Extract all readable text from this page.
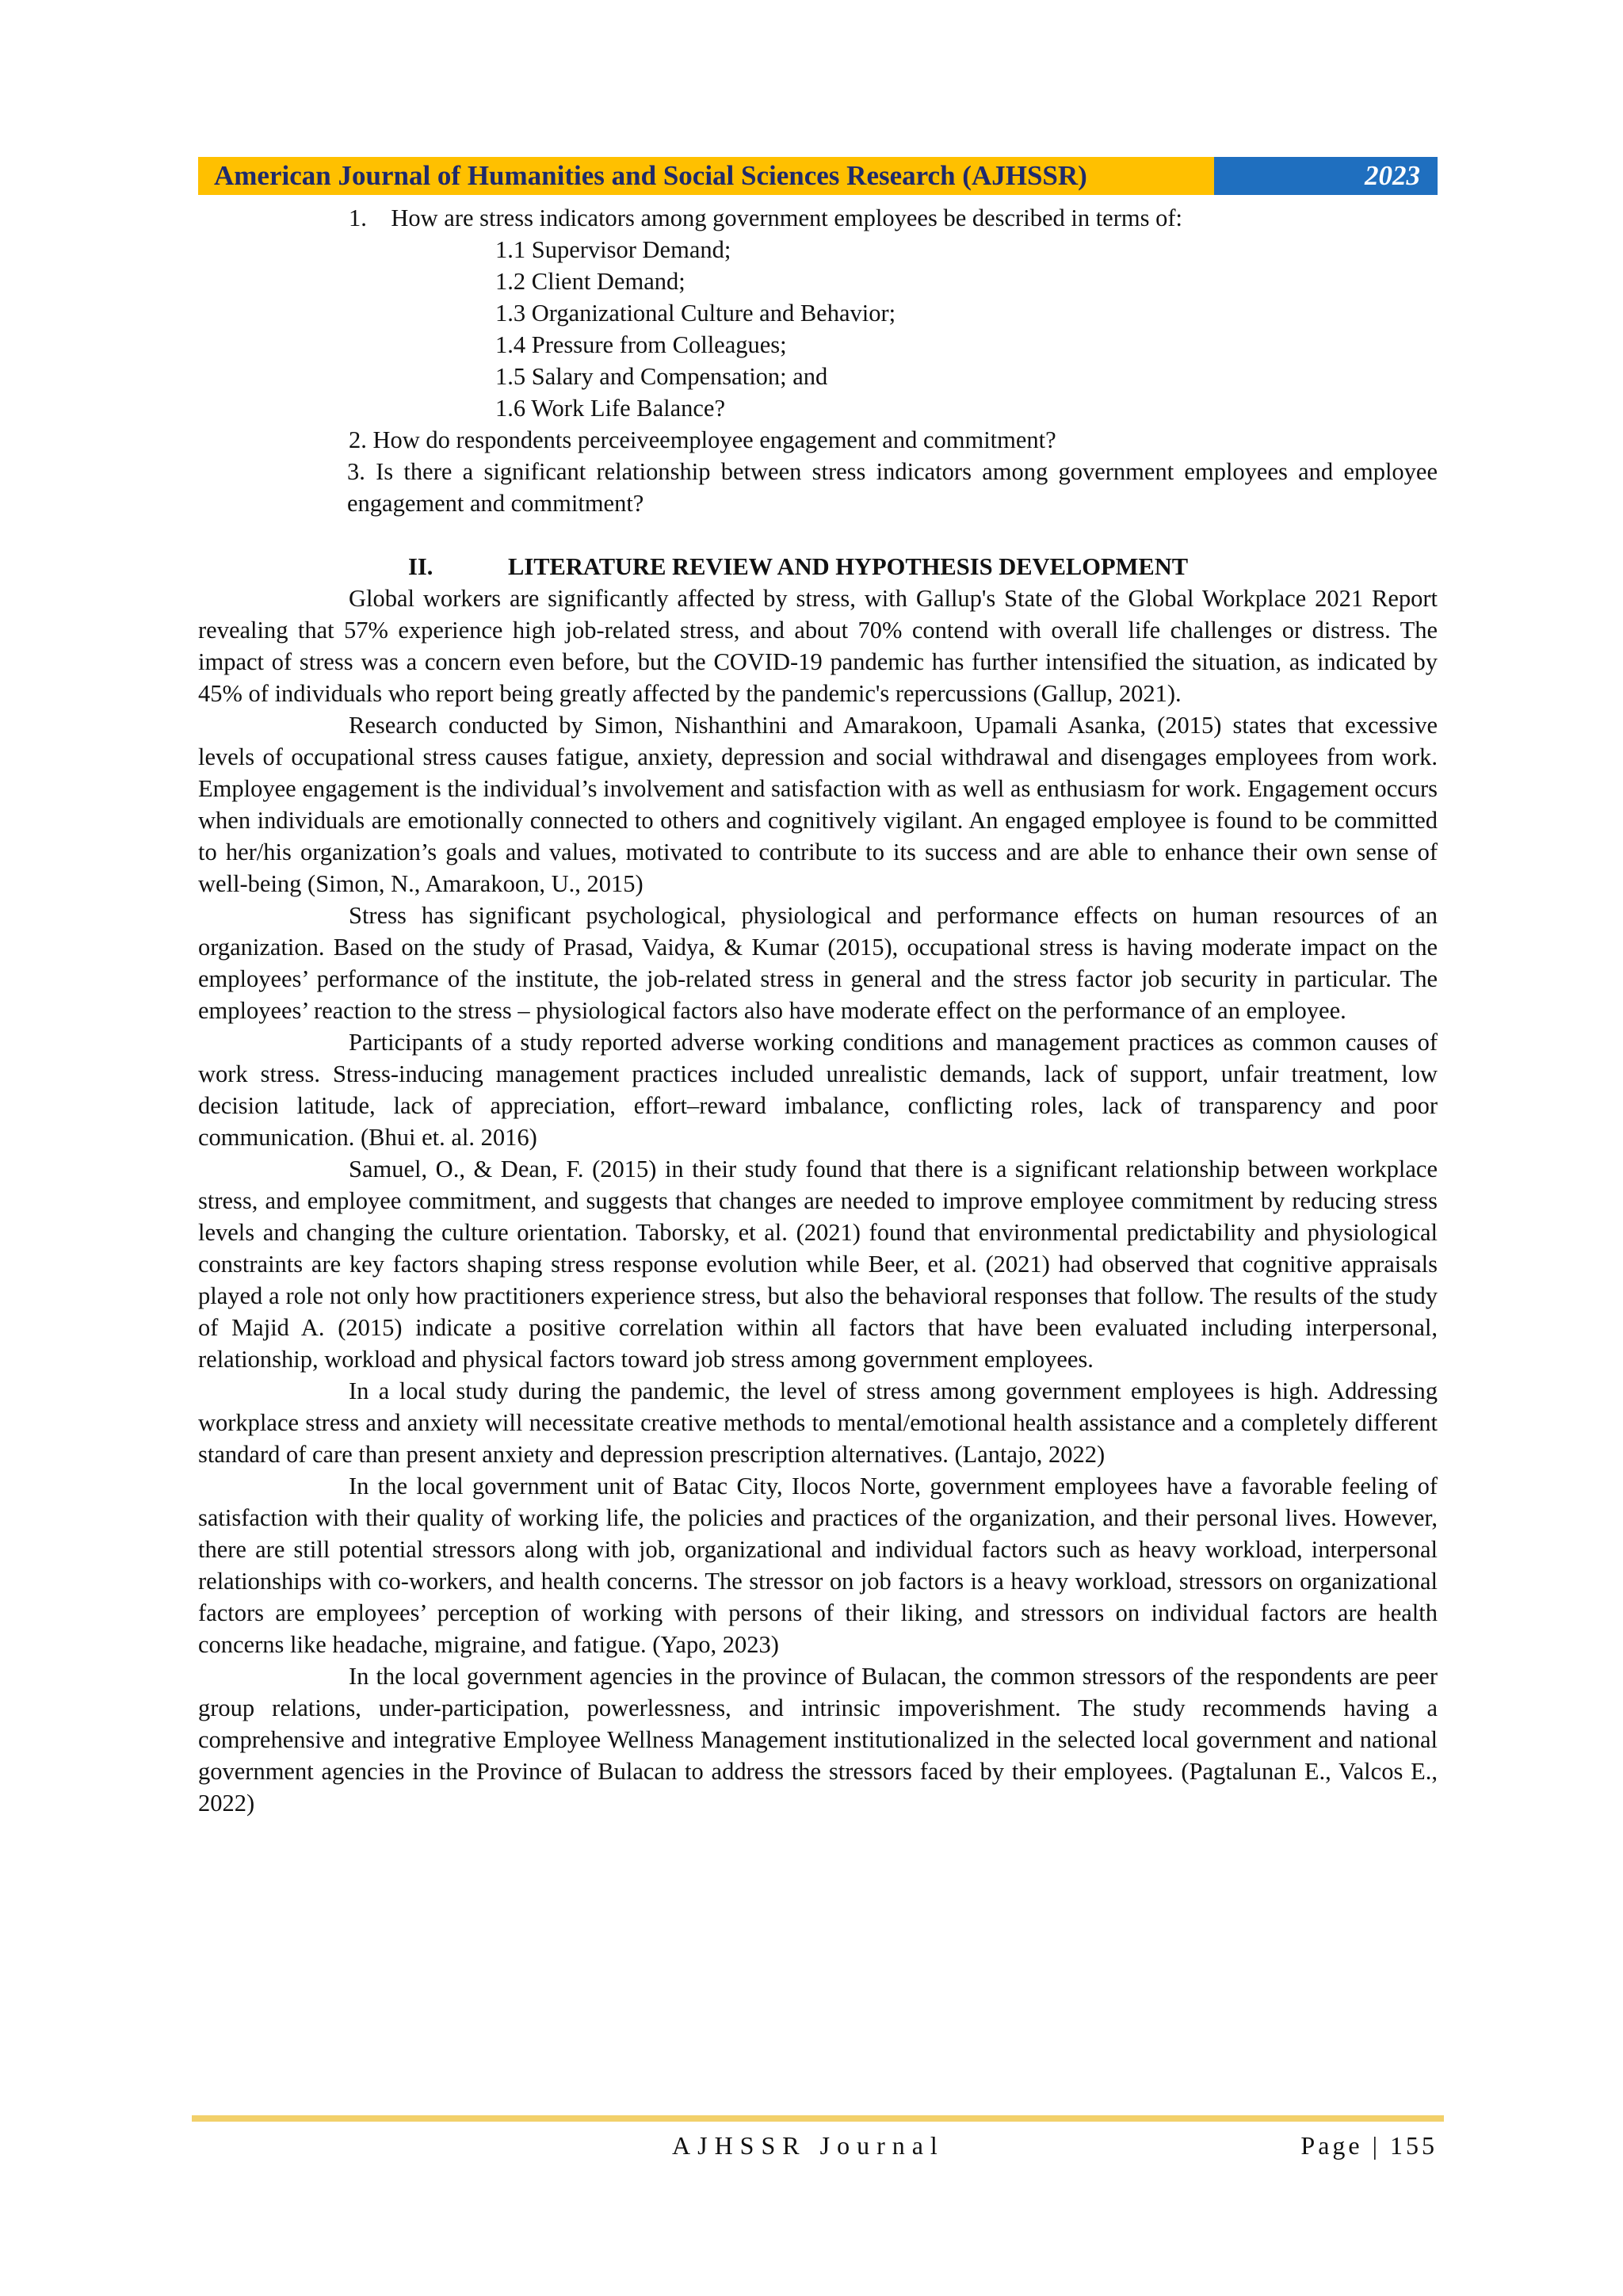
American Journal of Humanities and Social Sciences Research (AJHSSR)	2023
1. How are stress indicators among government employees be described in terms of:
1.1 Supervisor Demand;
1.2 Client Demand;
1.3 Organizational Culture and Behavior;
1.4 Pressure from Colleagues;
1.5 Salary and Compensation; and
1.6 Work Life Balance?
2. How do respondents perceiveemployee engagement and commitment?
3. Is there a significant relationship between stress indicators among government employees and employee engagement and commitment?
II.	LITERATURE REVIEW AND HYPOTHESIS DEVELOPMENT

Global workers are significantly affected by stress, with Gallup's State of the Global Workplace 2021 Report revealing that 57% experience high job-related stress, and about 70% contend with overall life challenges or distress. The impact of stress was a concern even before, but the COVID-19 pandemic has further intensified the situation, as indicated by 45% of individuals who report being greatly affected by the pandemic's repercussions (Gallup, 2021).

Research conducted by Simon, Nishanthini and Amarakoon, Upamali Asanka, (2015) states that excessive levels of occupational stress causes fatigue, anxiety, depression and social withdrawal and disengages employees from work. Employee engagement is the individual’s involvement and satisfaction with as well as enthusiasm for work. Engagement occurs when individuals are emotionally connected to others and cognitively vigilant. An engaged employee is found to be committed to her/his organization’s goals and values, motivated to contribute to its success and are able to enhance their own sense of well-being (Simon, N., Amarakoon, U., 2015)

Stress has significant psychological, physiological and performance effects on human resources of an organization. Based on the study of Prasad, Vaidya, & Kumar (2015), occupational stress is having moderate impact on the employees’ performance of the institute, the job-related stress in general and the stress factor job security in particular. The employees’ reaction to the stress – physiological factors also have moderate effect on the performance of an employee.

Participants of a study reported adverse working conditions and management practices as common causes of work stress. Stress-inducing management practices included unrealistic demands, lack of support, unfair treatment, low decision latitude, lack of appreciation, effort–reward imbalance, conflicting roles, lack of transparency and poor communication. (Bhui et. al. 2016)

Samuel, O., & Dean, F. (2015) in their study found that there is a significant relationship between workplace stress, and employee commitment, and suggests that changes are needed to improve employee commitment by reducing stress levels and changing the culture orientation. Taborsky, et al. (2021) found that environmental predictability and physiological constraints are key factors shaping stress response evolution while Beer, et al. (2021) had observed that cognitive appraisals played a role not only how practitioners experience stress, but also the behavioral responses that follow. The results of the study of Majid A. (2015) indicate a positive correlation within all factors that have been evaluated including interpersonal, relationship, workload and physical factors toward job stress among government employees.

In a local study during the pandemic, the level of stress among government employees is high. Addressing workplace stress and anxiety will necessitate creative methods to mental/emotional health assistance and a completely different standard of care than present anxiety and depression prescription alternatives. (Lantajo, 2022)

In the local government unit of Batac City, Ilocos Norte, government employees have a favorable feeling of satisfaction with their quality of working life, the policies and practices of the organization, and their personal lives. However, there are still potential stressors along with job, organizational and individual factors such as heavy workload, interpersonal relationships with co-workers, and health concerns. The stressor on job factors is a heavy workload, stressors on organizational factors are employees’ perception of working with persons of their liking, and stressors on individual factors are health concerns like headache, migraine, and fatigue. (Yapo, 2023)

In the local government agencies in the province of Bulacan, the common stressors of the respondents are peer group relations, under-participation, powerlessness, and intrinsic impoverishment. The study recommends having a comprehensive and integrative Employee Wellness Management institutionalized in the selected local government and national government agencies in the Province of Bulacan to address the stressors faced by their employees. (Pagtalunan E., Valcos E., 2022)

AJHSSR Journal	Page | 155
